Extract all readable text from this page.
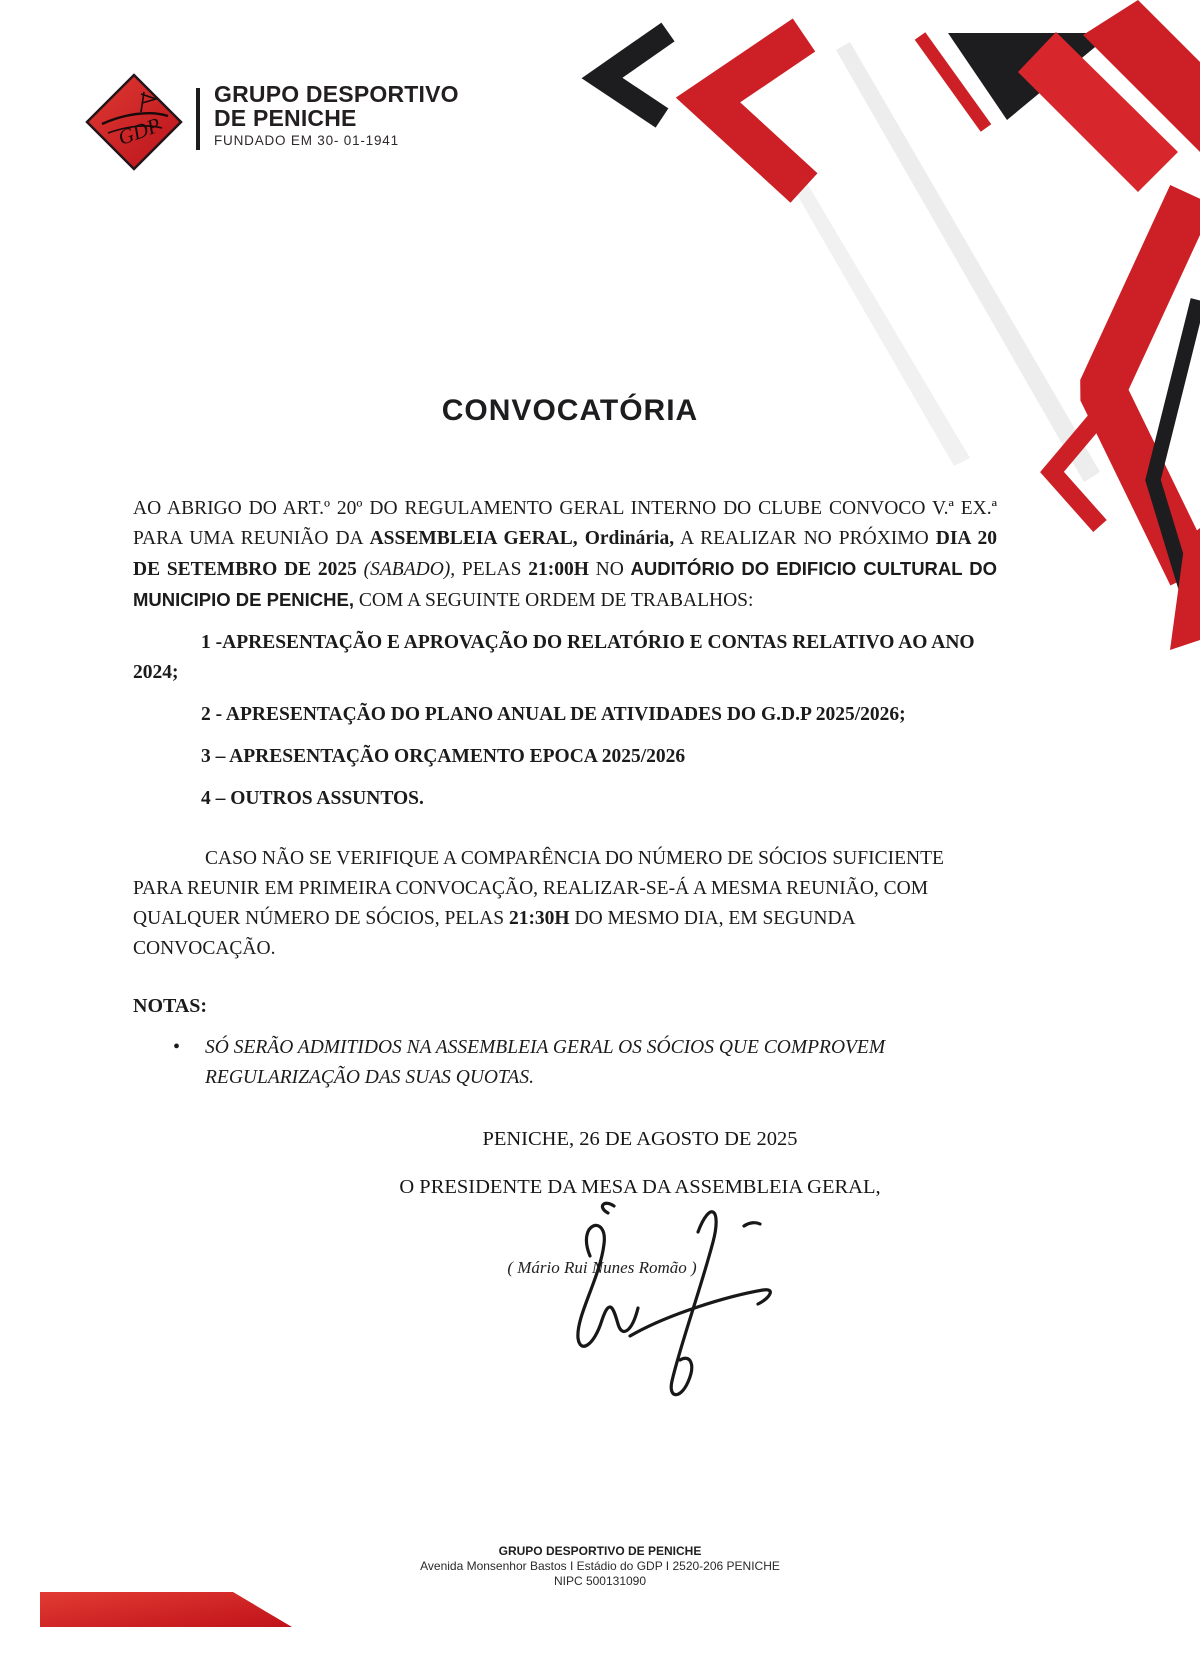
GDP
GRUPO DESPORTIVO
DE PENICHE
FUNDADO EM 30- 01-1941
CONVOCATÓRIA

AO ABRIGO DO ART.º 20º DO REGULAMENTO GERAL INTERNO DO CLUBE CONVOCO V.ª EX.ª PARA UMA REUNIÃO DA ASSEMBLEIA GERAL, Ordinária, A REALIZAR NO PRÓXIMO DIA 20 DE SETEMBRO DE 2025 (SABADO), PELAS 21:00H NO AUDITÓRIO DO EDIFICIO CULTURAL DO MUNICIPIO DE PENICHE, COM A SEGUINTE ORDEM DE TRABALHOS:

1 -APRESENTAÇÃO E APROVAÇÃO DO RELATÓRIO E CONTAS RELATIVO AO ANO 2024;

2 - APRESENTAÇÃO DO PLANO ANUAL DE ATIVIDADES DO G.D.P 2025/2026;

3 – APRESENTAÇÃO ORÇAMENTO EPOCA 2025/2026

4 – OUTROS ASSUNTOS.

CASO NÃO SE VERIFIQUE A COMPARÊNCIA DO NÚMERO DE SÓCIOS SUFICIENTE PARA REUNIR EM PRIMEIRA CONVOCAÇÃO, REALIZAR-SE-Á A MESMA REUNIÃO, COM QUALQUER NÚMERO DE SÓCIOS, PELAS 21:30H DO MESMO DIA, EM SEGUNDA CONVOCAÇÃO.

NOTAS:

• SÓ SERÃO ADMITIDOS NA ASSEMBLEIA GERAL OS SÓCIOS QUE COMPROVEM REGULARIZAÇÃO DAS SUAS QUOTAS.

PENICHE, 26 DE AGOSTO DE 2025
O PRESIDENTE DA MESA DA ASSEMBLEIA GERAL,
( Mário Rui Nunes Romão )
GRUPO DESPORTIVO DE PENICHE
Avenida Monsenhor Bastos I Estádio do GDP I 2520-206 PENICHE
NIPC 500131090
